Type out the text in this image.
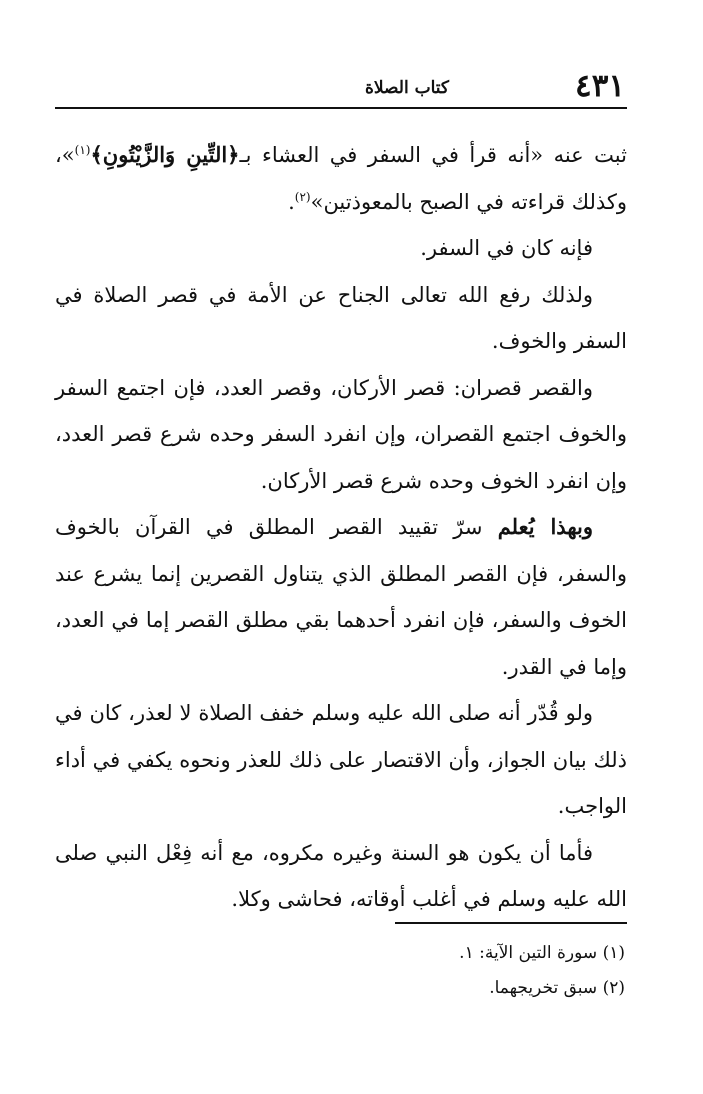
٤٣١
كتاب الصلاة

ثبت عنه «أنه قرأ في السفر في العشاء بـ﴿التِّينِ وَالزَّيْتُونِ﴾$^{(١)}$»، وكذلك قراءته في الصبح بالمعوذتين»$^{(٢)}$.

فإنه كان في السفر.

ولذلك رفع الله تعالى الجناح عن الأمة في قصر الصلاة في السفر والخوف.

والقصر قصران: قصر الأركان، وقصر العدد، فإن اجتمع السفر والخوف اجتمع القصران، وإن انفرد السفر وحده شرع قصر العدد، وإن انفرد الخوف وحده شرع قصر الأركان.

وبهذا يُعلم سرّ تقييد القصر المطلق في القرآن بالخوف والسفر، فإن القصر المطلق الذي يتناول القصرين إنما يشرع عند الخوف والسفر، فإن انفرد أحدهما بقي مطلق القصر إما في العدد، وإما في القدر.

ولو قُدّر أنه صلى الله عليه وسلم خفف الصلاة لا لعذر، كان في ذلك بيان الجواز، وأن الاقتصار على ذلك للعذر ونحوه يكفي في أداء الواجب.

فأما أن يكون هو السنة وغيره مكروه، مع أنه فِعْل النبي صلى الله عليه وسلم في أغلب أوقاته، فحاشى وكلا.

(١) سورة التين الآية: ١.

(٢) سبق تخريجهما.
